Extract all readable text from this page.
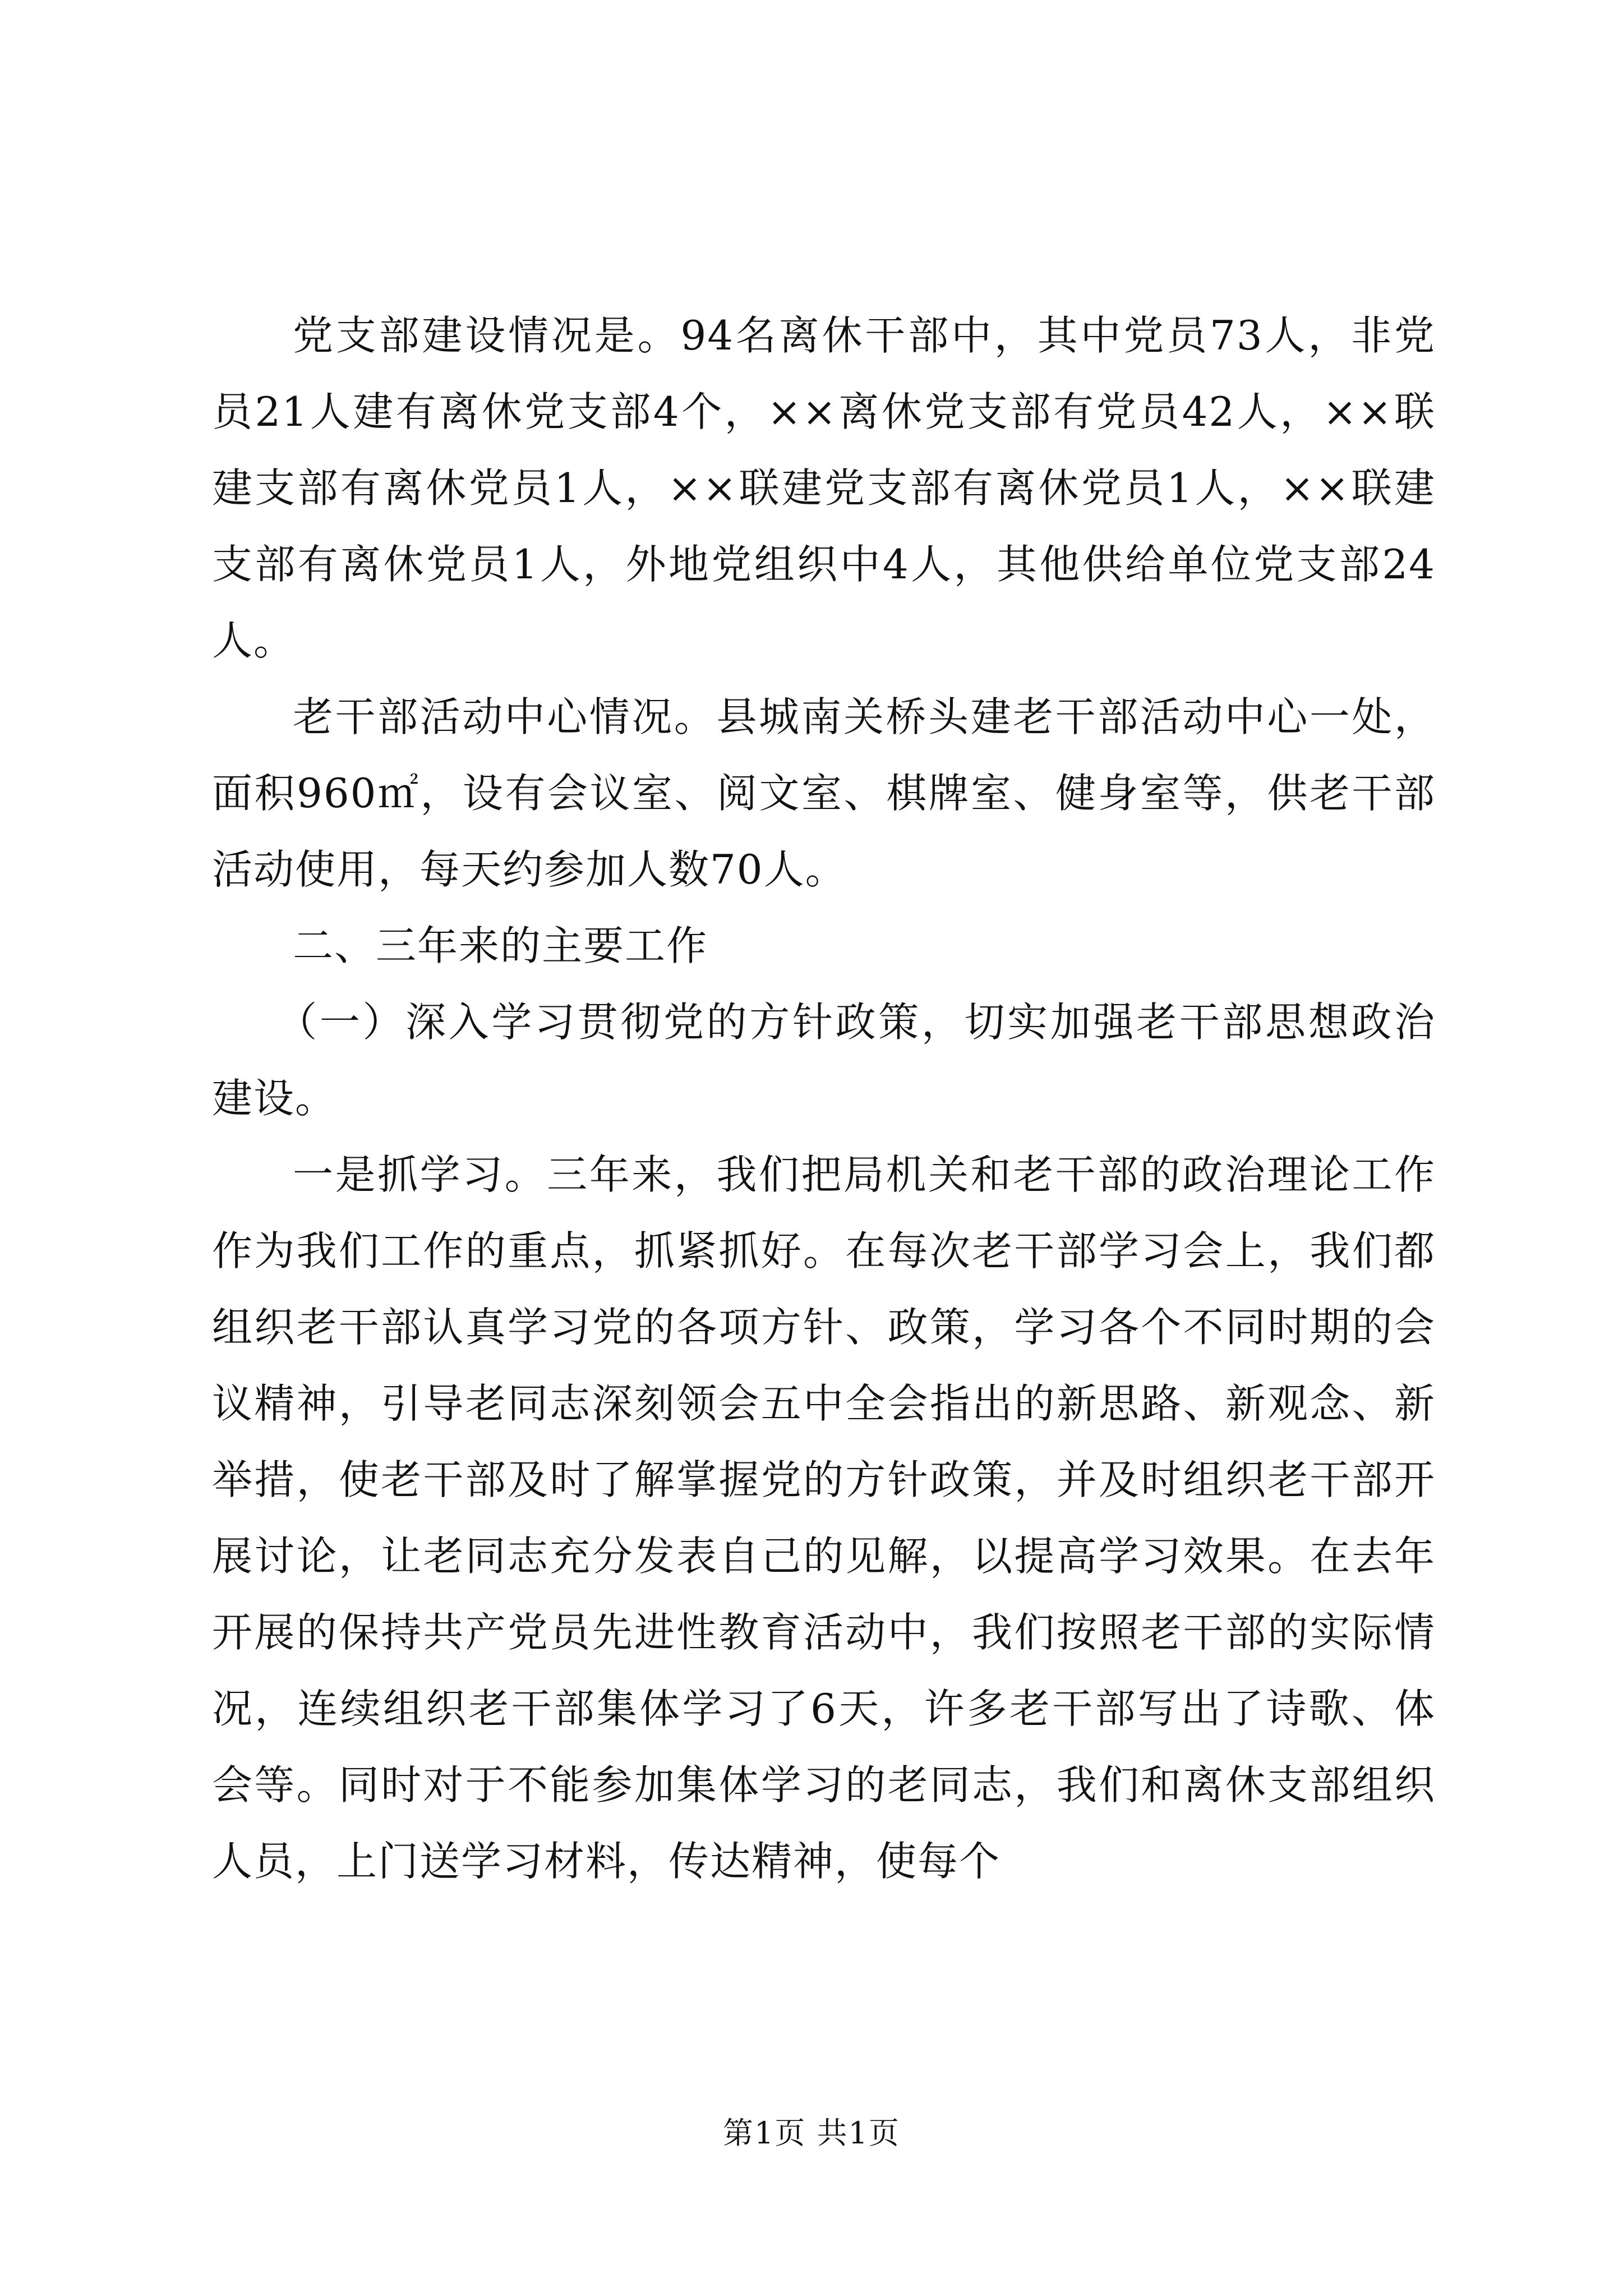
党支部建设情况是。94名离休干部中，其中党员73人，非党员21人建有离休党支部4个，××离休党支部有党员42人，××联建支部有离休党员1人，××联建党支部有离休党员1人，××联建支部有离休党员1人，外地党组织中4人，其他供给单位党支部24人。

老干部活动中心情况。县城南关桥头建老干部活动中心一处，面积960㎡，设有会议室、阅文室、棋牌室、健身室等，供老干部活动使用，每天约参加人数70人。

二、三年来的主要工作

（一）深入学习贯彻党的方针政策，切实加强老干部思想政治建设。

一是抓学习。三年来，我们把局机关和老干部的政治理论工作作为我们工作的重点，抓紧抓好。在每次老干部学习会上，我们都组织老干部认真学习党的各项方针、政策，学习各个不同时期的会议精神，引导老同志深刻领会五中全会指出的新思路、新观念、新举措，使老干部及时了解掌握党的方针政策，并及时组织老干部开展讨论，让老同志充分发表自己的见解，以提高学习效果。在去年开展的保持共产党员先进性教育活动中，我们按照老干部的实际情况，连续组织老干部集体学习了6天，许多老干部写出了诗歌、体会等。同时对于不能参加集体学习的老同志，我们和离休支部组织人员，上门送学习材料，传达精神，使每个

第1页 共1页
